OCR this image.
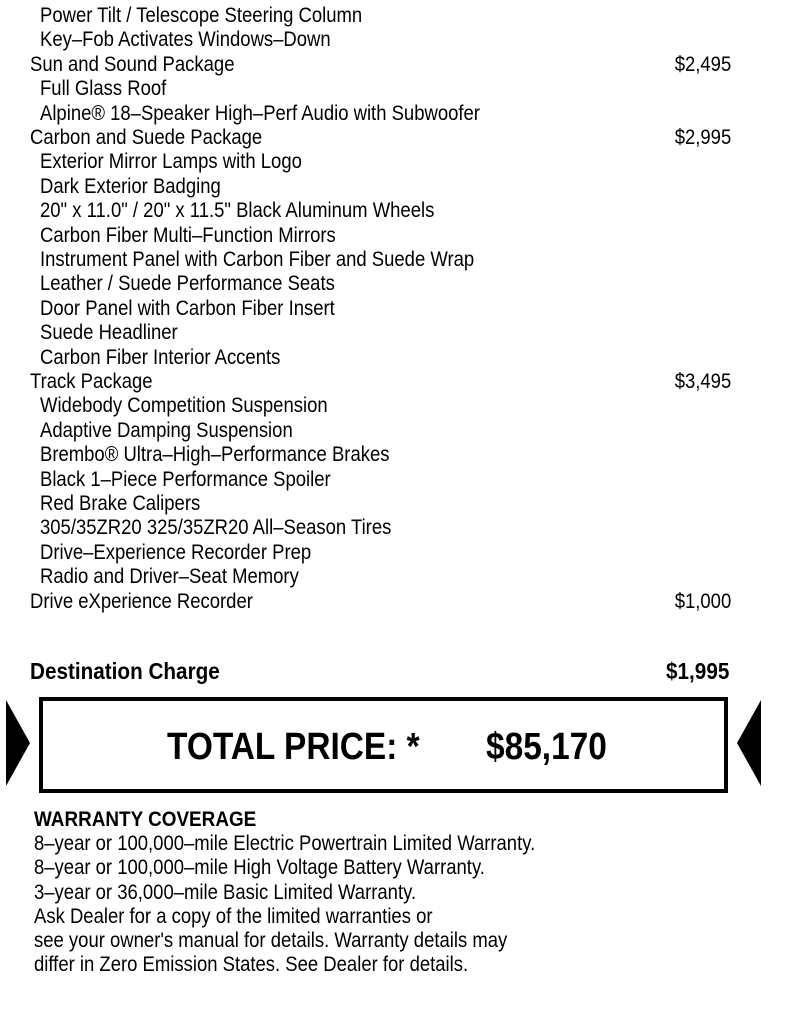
Power Tilt / Telescope Steering Column
Key–Fob Activates Windows–Down
Sun and Sound Package	$2,495
Full Glass Roof
Alpine® 18–Speaker High–Perf Audio with Subwoofer
Carbon and Suede Package	$2,995
Exterior Mirror Lamps with Logo
Dark Exterior Badging
20" x 11.0" / 20" x 11.5" Black Aluminum Wheels
Carbon Fiber Multi–Function Mirrors
Instrument Panel with Carbon Fiber and Suede Wrap
Leather / Suede Performance Seats
Door Panel with Carbon Fiber Insert
Suede Headliner
Carbon Fiber Interior Accents
Track Package	$3,495
Widebody Competition Suspension
Adaptive Damping Suspension
Brembo® Ultra–High–Performance Brakes
Black 1–Piece Performance Spoiler
Red Brake Calipers
305/35ZR20 325/35ZR20 All–Season Tires
Drive–Experience Recorder Prep
Radio and Driver–Seat Memory
Drive eXperience Recorder	$1,000
Destination Charge	$1,995
TOTAL PRICE: * $85,170
WARRANTY COVERAGE
8–year or 100,000–mile Electric Powertrain Limited Warranty.
8–year or 100,000–mile High Voltage Battery Warranty.
3–year or 36,000–mile Basic Limited Warranty.
Ask Dealer for a copy of the limited warranties or
see your owner's manual for details. Warranty details may
differ in Zero Emission States. See Dealer for details.
